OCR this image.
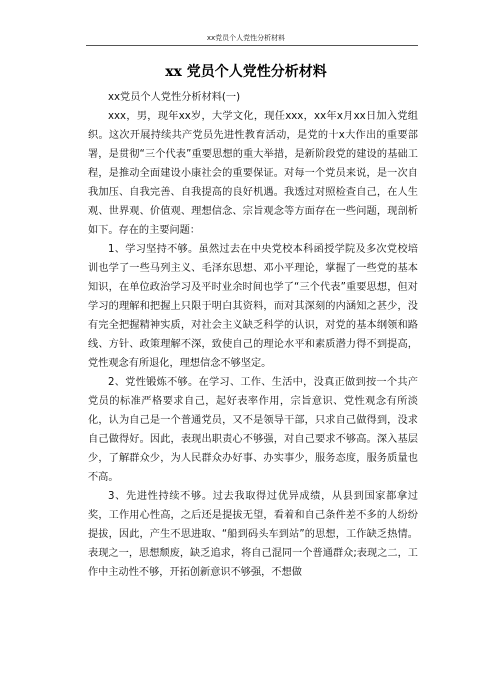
xx党员个人党性分析材料
xx 党员个人党性分析材料

xx党员个人党性分析材料(一)

xxx，男，现年xx岁，大学文化，现任xxx，xx年x月xx日加入党组织。这次开展持续共产党员先进性教育活动，是党的十x大作出的重要部署，是贯彻“三个代表”重要思想的重大举措，是新阶段党的建设的基础工程，是推动全面建设小康社会的重要保证。对每一个党员来说，是一次自我加压、自我完善、自我提高的良好机遇。我透过对照检查自己，在人生观、世界观、价值观、理想信念、宗旨观念等方面存在一些问题，现剖析如下。存在的主要问题：

1、学习坚持不够。虽然过去在中央党校本科函授学院及多次党校培训也学了一些马列主义、毛泽东思想、邓小平理论，掌握了一些党的基本知识，在单位政治学习及平时业余时间也学了“三个代表”重要思想，但对学习的理解和把握上只限于明白其资料，而对其深刻的内涵知之甚少，没有完全把握精神实质，对社会主义缺乏科学的认识，对党的基本纲领和路线、方针、政策理解不深，致使自己的理论水平和素质潜力得不到提高，党性观念有所退化，理想信念不够坚定。

2、党性锻炼不够。在学习、工作、生活中，没真正做到按一个共产党员的标准严格要求自己，起好表率作用，宗旨意识、党性观念有所淡化，认为自己是一个普通党员，又不是领导干部，只求自己做得到，没求自己做得好。因此，表现出职责心不够强，对自己要求不够高。深入基层少，了解群众少，为人民群众办好事、办实事少，服务态度，服务质量也不高。

3、先进性持续不够。过去我取得过优异成绩，从县到国家都拿过奖，工作用心性高，之后还是提拔无望，看着和自己条件差不多的人纷纷提拔，因此，产生不思进取、“船到码头车到站”的思想，工作缺乏热情。表现之一，思想颓废，缺乏追求，将自己混同一个普通群众;表现之二，工作中主动性不够，开拓创新意识不够强，不想做
